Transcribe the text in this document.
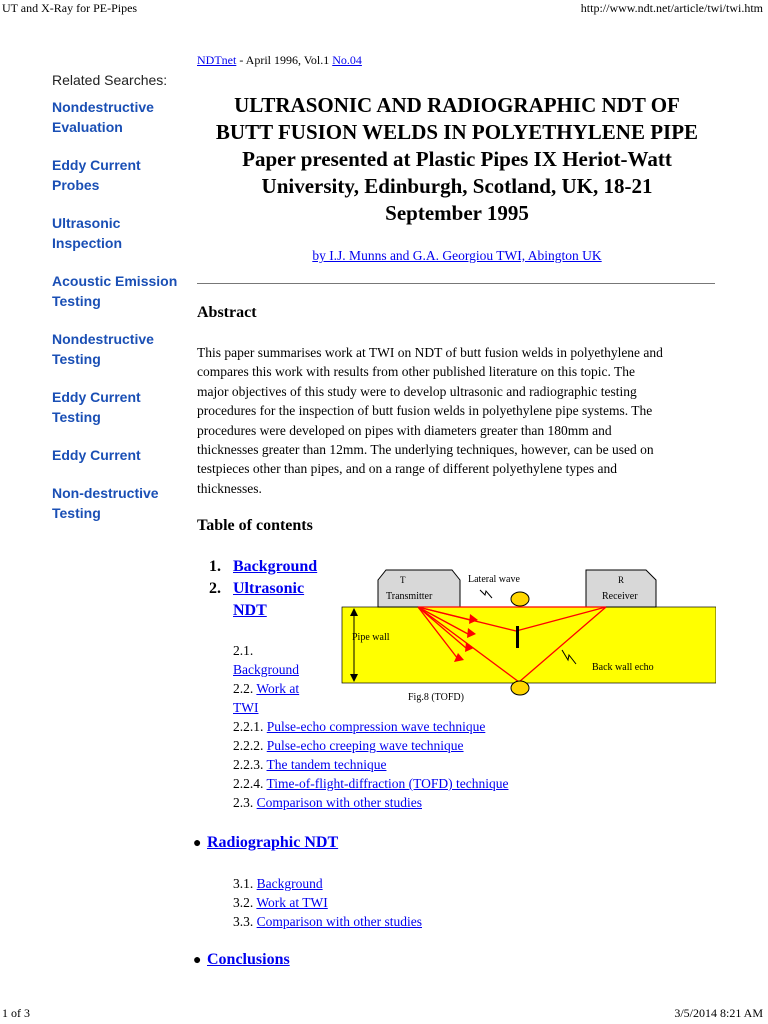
UT and X-Ray for PE-Pipes	http://www.ndt.net/article/twi/twi.htm
1 of 3	3/5/2014 8:21 AM
Related Searches:
Nondestructive
Evaluation
Eddy Current
Probes
Ultrasonic
Inspection
Acoustic Emission
Testing
Nondestructive
Testing
Eddy Current
Testing
Eddy Current
Non-destructive
Testing
NDTnet - April 1996, Vol.1 No.04
ULTRASONIC AND RADIOGRAPHIC NDT OF
BUTT FUSION WELDS IN POLYETHYLENE PIPE
Paper presented at Plastic Pipes IX Heriot-Watt
University, Edinburgh, Scotland, UK, 18-21
September 1995
by I.J. Munns and G.A. Georgiou TWI, Abington UK
Abstract
This paper summarises work at TWI on NDT of butt fusion welds in polyethylene and
compares this work with results from other published literature on this topic. The
major objectives of this study were to develop ultrasonic and radiographic testing
procedures for the inspection of butt fusion welds in polyethylene pipe systems. The
procedures were developed on pipes with diameters greater than 180mm and
thicknesses greater than 12mm. The underlying techniques, however, can be used on
testpieces other than pipes, and on a range of different polyethylene types and
thicknesses.
Table of contents
1. Background
2. Ultrasonic
NDT
2.1.
Background
2.2. Work at
TWI
2.2.1. Pulse-echo compression wave technique
2.2.2. Pulse-echo creeping wave technique
2.2.3. The tandem technique
2.2.4. Time-of-flight-diffraction (TOFD) technique
2.3. Comparison with other studies
● Radiographic NDT
3.1. Background
3.2. Work at TWI
3.3. Comparison with other studies
● Conclusions
T
Transmitter
R
Receiver
Lateral wave
Pipe wall
Back wall echo
Fig.8 (TOFD)
